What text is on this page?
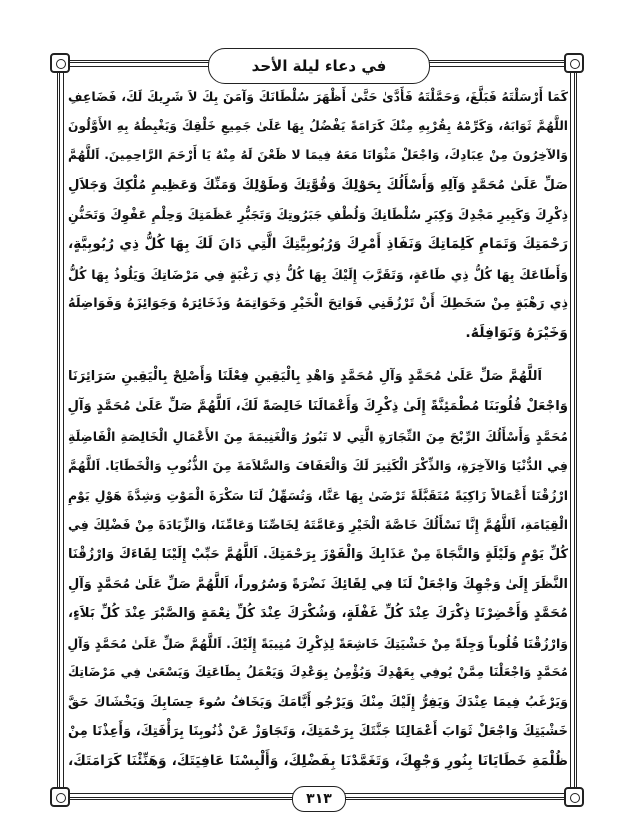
في دعاء ليلة الأحد
كَمَا أَرْسَلْتَهُ فَبَلَّغَ، وَحَمَّلْتَهُ فَأَدَّىٰ حَتَّىٰ أَظْهَرَ سُلْطَانَكَ وَآمَنَ بِكَ لاَ شَرِيكَ لَكَ، فَضَاعِفِ
اللَّهُمَّ ثَوَابَهُ، وَكَرِّمْهُ بِقُرْبِهِ مِنْكَ كَرَامَةً يَفْضُلُ بِهَا عَلَىٰ جَمِيعِ خَلْقِكَ وَيَغْبِطُهُ بِهِ الأَوَّلُونَ
وَالآخِرُونَ مِنْ عِبَادِكَ، وَاجْعَلْ مَثْوَانَا مَعَهُ فِيمَا لا ظَعْنَ لَهُ مِنْهُ يَا أَرْحَمَ الرَّاحِمِينَ. اَللَّهُمَّ
صَلِّ عَلَىٰ مُحَمَّدٍ وَآلِهِ وَأَسْأَلُكَ بِحَوْلِكَ وَقُوَّتِكَ وَطَوْلِكَ وَمَنِّكَ وَعَظِيمِ مُلْكِكَ وَجَلاَلِ
ذِكْرِكَ وَكَبِيرِ مَجْدِكَ وَكِبَرِ سُلْطَانِكَ وَلُطْفِ جَبَرُوتِكَ وَتَجَبُّرِ عَظَمَتِكَ وَحِلْمِ عَفْوِكَ وَتَحَنُّنِ
رَحْمَتِكَ وَتَمَامِ كَلِمَاتِكَ وَنَفَاذِ أَمْرِكَ وَرُبُوبِيَّتِكَ الَّتِي دَانَ لَكَ بِهَا كُلُّ ذِي رُبُوبِيَّةٍ،
وَأَطَاعَكَ بِهَا كُلُّ ذِي طَاعَةٍ، وَتَقَرَّبَ إِلَيْكَ بِهَا كُلُّ ذِي رَغْبَةٍ فِي مَرْضَاتِكَ وَيَلُوذُ بِهَا كُلُّ
ذِي رَهْبَةٍ مِنْ سَخَطِكَ أَنْ تَرْزُقَنِي فَوَاتِحَ الْخَيْرِ وَخَوَاتِمَهُ وَذَخَائِرَهُ وَجَوَائِزَهُ وَفَوَاضِلَهُ
وَخَيْرَهُ وَنَوَافِلَهُ.
اَللَّهُمَّ صَلِّ عَلَىٰ مُحَمَّدٍ وَآلِ مُحَمَّدٍ وَاهْدِ بِالْيَقِينِ فِعْلَنَا وَأَصْلِحْ بِالْيَقِينِ سَرَائِرَنَا
وَاجْعَلْ قُلُوبَنَا مُطْمَئِنَّةً إِلَىٰ ذِكْرِكَ وَأَعْمَالَنَا خَالِصَةً لَكَ، اَللَّهُمَّ صَلِّ عَلَىٰ مُحَمَّدٍ وَآلِ
مُحَمَّدٍ وَأَسْأَلُكَ الرِّبْحَ مِنَ التِّجَارَةِ الَّتِي لا تَبُورُ وَالْغَنِيمَةَ مِنَ الأَعْمَالِ الْخَالِصَةِ الْفَاضِلَةِ
فِي الدُّنْيَا وَالآخِرَةِ، وَالذِّكْرَ الْكَثِيرَ لَكَ وَالْعَفَافَ وَالسَّلاَمَةَ مِنَ الذُّنُوبِ وَالْخَطَايَا. اَللَّهُمَّ
ارْزُقْنَا أَعْمَالاً زَاكِيَةً مُتَقَبَّلَةً تَرْضَىٰ بِهَا عَنَّا، وَتُسَهِّلُ لَنَا سَكْرَةَ الْمَوْتِ وَشِدَّةَ هَوْلِ يَوْمِ
الْقِيَامَةِ، اَللَّهُمَّ إِنَّا نَسْأَلُكَ خَاصَّةَ الْخَيْرِ وَعَامَّتَهُ لِخَاصِّنَا وَعَامِّنَا، وَالزِّيَادَةَ مِنْ فَضْلِكَ فِي
كُلِّ يَوْمٍ وَلَيْلَةٍ وَالنَّجَاةَ مِنْ عَذَابِكَ وَالْفَوْزَ بِرَحْمَتِكَ. اَللَّهُمَّ حَبِّبْ إِلَيْنَا لِقَاءَكَ وَارْزُقْنَا
النَّظَرَ إِلَىٰ وَجْهِكَ وَاجْعَلْ لَنَا فِي لِقَائِكَ نَضْرَةً وَسُرُوراً، اَللَّهُمَّ صَلِّ عَلَىٰ مُحَمَّدٍ وَآلِ
مُحَمَّدٍ وَأَحْضِرْنَا ذِكْرَكَ عِنْدَ كُلِّ غَفْلَةٍ، وَشُكْرَكَ عِنْدَ كُلِّ نِعْمَةٍ وَالصَّبْرَ عِنْدَ كُلِّ بَلاَءٍ،
وَارْزُقْنَا قُلُوباً وَجِلَةً مِنْ خَشْيَتِكَ خَاشِعَةً لِذِكْرِكَ مُنِيبَةً إِلَيْكَ. اَللَّهُمَّ صَلِّ عَلَىٰ مُحَمَّدٍ وَآلِ
مُحَمَّدٍ وَاجْعَلْنَا مِمَّنْ يُوفِي بِعَهْدِكَ وَيُؤْمِنُ بِوَعْدِكَ وَيَعْمَلُ بِطَاعَتِكَ وَيَسْعَىٰ فِي مَرْضَاتِكَ
وَيَرْغَبُ فِيمَا عِنْدَكَ وَيَفِرُّ إِلَيْكَ مِنْكَ وَيَرْجُو أَيَّامَكَ وَيَخَافُ سُوءَ حِسَابِكَ وَيَخْشَاكَ حَقَّ
خَشْيَتِكَ وَاجْعَلْ ثَوَابَ أَعْمَالِنَا جَنَّتَكَ بِرَحْمَتِكَ، وَتَجَاوَزْ عَنْ ذُنُوبِنَا بِرَأْفَتِكَ، وَأَعِذْنَا مِنْ
ظُلْمَةِ خَطَايَانَا بِنُورِ وَجْهِكَ، وَتَغَمَّدْنَا بِفَضْلِكَ، وَأَلْبِسْنَا عَافِيَتَكَ، وَهَنِّئْنَا كَرَامَتَكَ،
٣١٣
